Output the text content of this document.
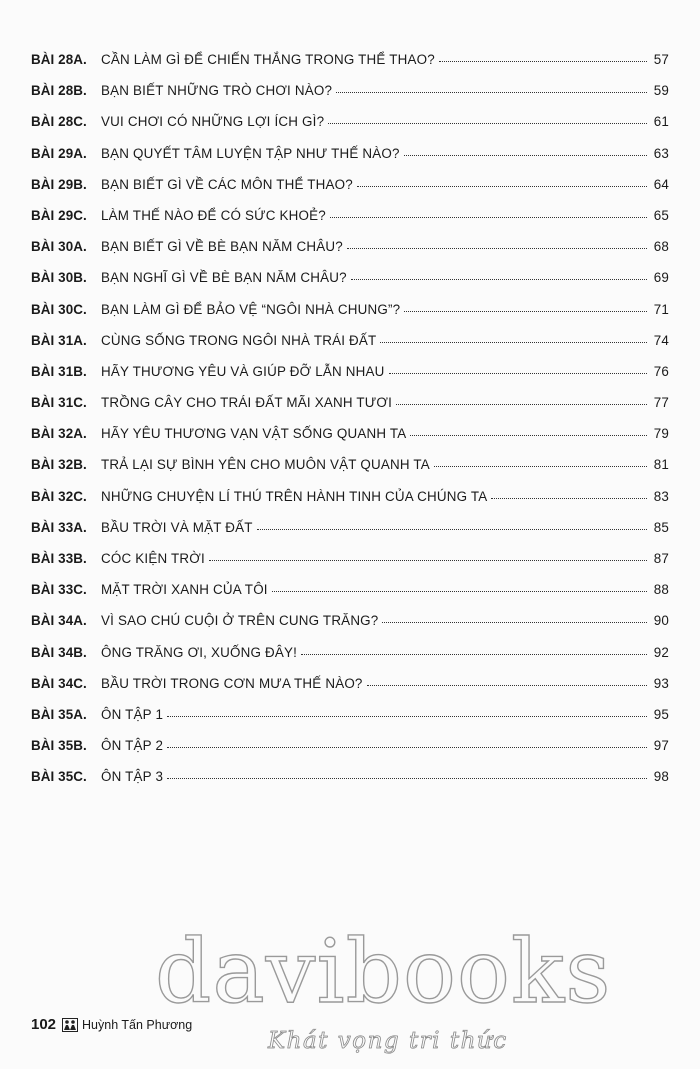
BÀI 28A.	CẦN LÀM GÌ ĐỂ CHIẾN THẮNG TRONG THỂ THAO?	57
BÀI 28B.	BẠN BIẾT NHỮNG TRÒ CHƠI NÀO?	59
BÀI 28C.	VUI CHƠI CÓ NHỮNG LỢI ÍCH GÌ?	61
BÀI 29A.	BẠN QUYẾT TÂM LUYỆN TẬP NHƯ THẾ NÀO?	63
BÀI 29B.	BẠN BIẾT GÌ VỀ CÁC MÔN THỂ THAO?	64
BÀI 29C.	LÀM THẾ NÀO ĐỂ CÓ SỨC KHOẺ?	65
BÀI 30A.	BẠN BIẾT GÌ VỀ BÈ BẠN NĂM CHÂU?	68
BÀI 30B.	BẠN NGHĨ GÌ VỀ BÈ BẠN NĂM CHÂU?	69
BÀI 30C.	BẠN LÀM GÌ ĐỂ BẢO VỆ “NGÔI NHÀ CHUNG”?	71
BÀI 31A.	CÙNG SỐNG TRONG NGÔI NHÀ TRÁI ĐẤT	74
BÀI 31B.	HÃY THƯƠNG YÊU VÀ GIÚP ĐỠ LẪN NHAU	76
BÀI 31C.	TRỒNG CÂY CHO TRÁI ĐẤT MÃI XANH TƯƠI	77
BÀI 32A.	HÃY YÊU THƯƠNG VẠN VẬT SỐNG QUANH TA	79
BÀI 32B.	TRẢ LẠI SỰ BÌNH YÊN CHO MUÔN VẬT QUANH TA	81
BÀI 32C.	NHỮNG CHUYỆN LÍ THÚ TRÊN HÀNH TINH CỦA CHÚNG TA	83
BÀI 33A.	BẦU TRỜI VÀ MẶT ĐẤT	85
BÀI 33B.	CÓC KIỆN TRỜI	87
BÀI 33C.	MẶT TRỜI XANH CỦA TÔI	88
BÀI 34A.	VÌ SAO CHÚ CUỘI Ở TRÊN CUNG TRĂNG?	90
BÀI 34B.	ÔNG TRĂNG ƠI, XUỐNG ĐÂY!	92
BÀI 34C.	BẦU TRỜI TRONG CƠN MƯA THẾ NÀO?	93
BÀI 35A.	ÔN TẬP 1	95
BÀI 35B.	ÔN TẬP 2	97
BÀI 35C.	ÔN TẬP 3	98
davibooks
Khát vọng tri thức
102 Huỳnh Tấn Phương
